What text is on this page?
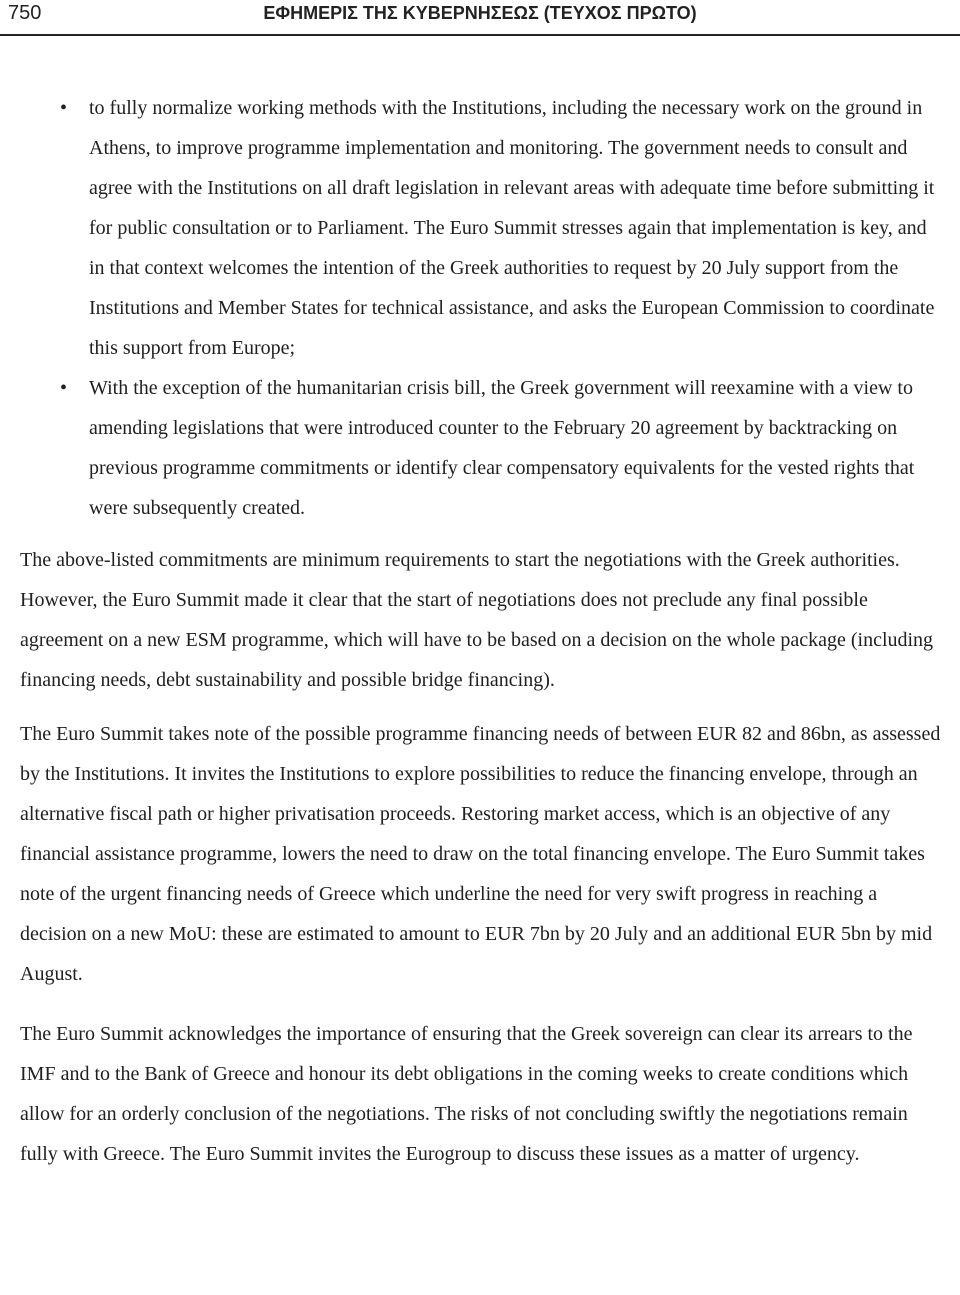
750	ΕΦΗΜΕΡΙΣ ΤΗΣ ΚΥΒΕΡΝΗΣΕΩΣ (ΤΕΥΧΟΣ ΠΡΩΤΟ)
• to fully normalize working methods with the Institutions, including the necessary work on the ground in Athens, to improve programme implementation and monitoring. The government needs to consult and agree with the Institutions on all draft legislation in relevant areas with adequate time before submitting it for public consultation or to Parliament. The Euro Summit stresses again that implementation is key, and in that context welcomes the intention of the Greek authorities to request by 20 July support from the Institutions and Member States for technical assistance, and asks the European Commission to coordinate this support from Europe;
• With the exception of the humanitarian crisis bill, the Greek government will reexamine with a view to amending legislations that were introduced counter to the February 20 agreement by backtracking on previous programme commitments or identify clear compensatory equivalents for the vested rights that were subsequently created.

The above-listed commitments are minimum requirements to start the negotiations with the Greek authorities. However, the Euro Summit made it clear that the start of negotiations does not preclude any final possible agreement on a new ESM programme, which will have to be based on a decision on the whole package (including financing needs, debt sustainability and possible bridge financing).

The Euro Summit takes note of the possible programme financing needs of between EUR 82 and 86bn, as assessed by the Institutions. It invites the Institutions to explore possibilities to reduce the financing envelope, through an alternative fiscal path or higher privatisation proceeds. Restoring market access, which is an objective of any financial assistance programme, lowers the need to draw on the total financing envelope. The Euro Summit takes note of the urgent financing needs of Greece which underline the need for very swift progress in reaching a decision on a new MoU: these are estimated to amount to EUR 7bn by 20 July and an additional EUR 5bn by mid August.

The Euro Summit acknowledges the importance of ensuring that the Greek sovereign can clear its arrears to the IMF and to the Bank of Greece and honour its debt obligations in the coming weeks to create conditions which allow for an orderly conclusion of the negotiations. The risks of not concluding swiftly the negotiations remain fully with Greece. The Euro Summit invites the Eurogroup to discuss these issues as a matter of urgency.
